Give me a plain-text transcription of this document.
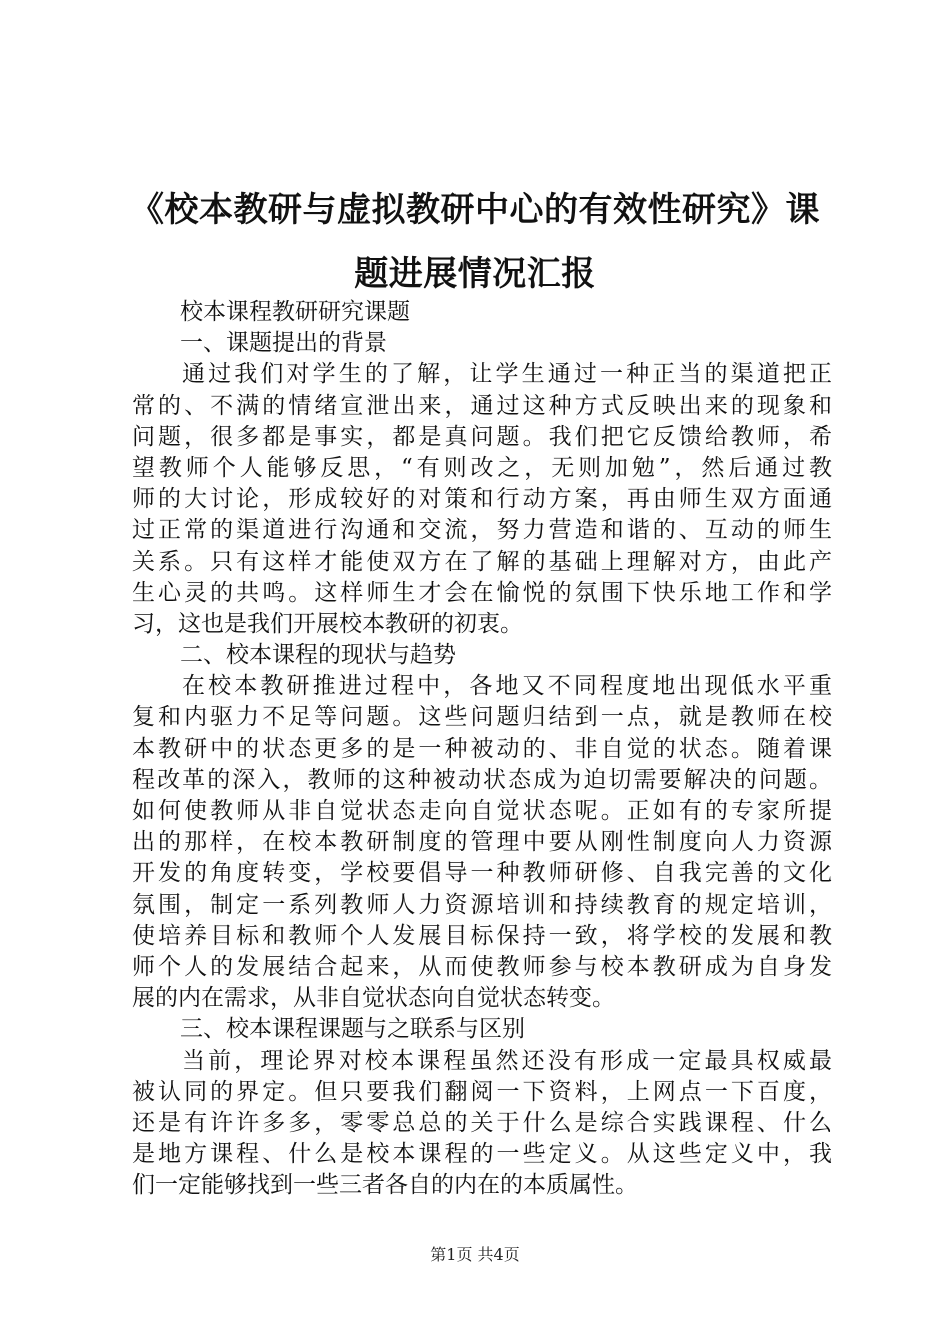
《校本教研与虚拟教研中心的有效性研究》课
题进展情况汇报
校本课程教研研究课题
一、课题提出的背景
通过我们对学生的了解，让学生通过一种正当的渠道把正
常的、不满的情绪宣泄出来，通过这种方式反映出来的现象和
问题，很多都是事实，都是真问题。我们把它反馈给教师，希
望教师个人能够反思，“有则改之，无则加勉”，然后通过教
师的大讨论，形成较好的对策和行动方案，再由师生双方面通
过正常的渠道进行沟通和交流，努力营造和谐的、互动的师生
关系。只有这样才能使双方在了解的基础上理解对方，由此产
生心灵的共鸣。这样师生才会在愉悦的氛围下快乐地工作和学
习，这也是我们开展校本教研的初衷。
二、校本课程的现状与趋势
在校本教研推进过程中，各地又不同程度地出现低水平重
复和内驱力不足等问题。这些问题归结到一点，就是教师在校
本教研中的状态更多的是一种被动的、非自觉的状态。随着课
程改革的深入，教师的这种被动状态成为迫切需要解决的问题。
如何使教师从非自觉状态走向自觉状态呢。正如有的专家所提
出的那样，在校本教研制度的管理中要从刚性制度向人力资源
开发的角度转变，学校要倡导一种教师研修、自我完善的文化
氛围，制定一系列教师人力资源培训和持续教育的规定培训，
使培养目标和教师个人发展目标保持一致，将学校的发展和教
师个人的发展结合起来，从而使教师参与校本教研成为自身发
展的内在需求，从非自觉状态向自觉状态转变。
三、校本课程课题与之联系与区别
当前，理论界对校本课程虽然还没有形成一定最具权威最
被认同的界定。但只要我们翻阅一下资料，上网点一下百度，
还是有许许多多，零零总总的关于什么是综合实践课程、什么
是地方课程、什么是校本课程的一些定义。从这些定义中，我
们一定能够找到一些三者各自的内在的本质属性。
第1页 共4页
